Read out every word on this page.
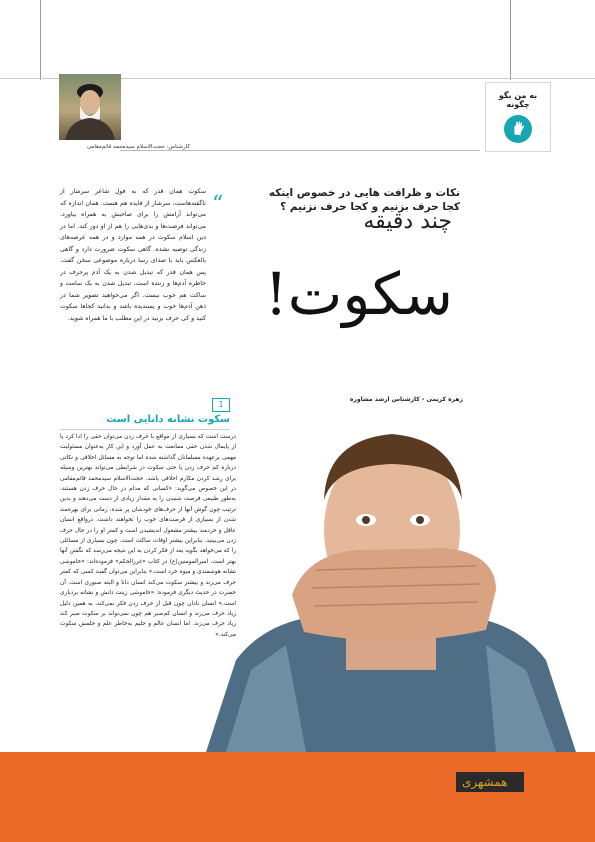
به من بگو چگونه
کارشناس: حجت‌الاسلام سیدمحمد قائم‌مقامی
نکات و ظرافت هایی در خصوص اینکه کجا حرف بزنیم و کجا حرف نزنیم ؟
چند دقیقه
سکوت!
زهره کریمی - کارشناس ارشد مشاوره
“
سکوت همان قدر که به قول شاعر سرشار از ناگفته‌هاست، سرشار از فایده هم هست. همان اندازه که می‌تواند آرامش را برای صاحبش به همراه بیاورد، می‌تواند فرصت‌ها و بدی‌هایی را هم از او دور کند. اما در دین اسلام سکوت در همه موارد و در همه عرصه‌های زندگی توصیه نشده. گاهی سکوت ضرورت دارد و گاهی بالعکس باید با صدای رسا درباره موضوعی سخن گفت. پس همان قدر که تبدیل شدن به یک آدم پرحرف در خاطره آدم‌ها و زننده است، تبدیل شدن به یک سامت و ساکت هم خوب نیست. اگر می‌خواهید تصویر شما در ذهن آدم‌ها خوب و پسندیده باشد و بدانید کجاها سکوت کنید و کی حرف بزنید در این مطلب با ما همراه شوید.
1
سکوت نشانه دانایی است
درست است که بسیاری از مواقع با حرف زدن می‌توان حقی را ادا کرد یا از پایمال شدن حقی ممانعت به عمل آورد و این کار به‌عنوان مسئولیت مهمی برعهده مسلمانان گذاشته شده اما توجه به مسائل اخلاقی و نکاتی درباره کم حرف زدن یا حتی سکوت در شرایطی می‌تواند بهترین وسیله برای رشد کردن مکارم اخلاقی باشد. حجت‌الاسلام سیدمحمد قائم‌مقامی در این خصوص می‌گوید: «کسانی که مدام در حال حرف زدن هستند، به‌طور طبیعی فرصت شنیدن را به مقدار زیادی از دست می‌دهند و بدین ترتیب چون گوش آنها از حرف‌های خودشان پر شده، زمانی برای بهره‌مند شدن از بسیاری از فرصت‌های خوب را نخواهند داشت. درواقع انسان عاقل و خردمند بیشتر مشغول اندیشیدن است و کمتر او را در حال حرف زدن می‌بینید. بنابراین بیشتر اوقات ساکت است. چون بسیاری از مسائلی را که می‌خواهد بگوید بعد از فکر کردن به این نتیجه می‌رسد که نگفتن آنها بهتر است. امیرالمومنین(ع) در کتاب «غررالحکم» فرموده‌اند: «خاموشی نشانه هوشمندی و میوه خرد است.» بنابراین می‌توان گفت کسی که کمتر حرف می‌زند و بیشتر سکوت می‌کند انسان دانا و البته صبوری است. آن حضرت در حدیث دیگری فرموده: «خاموشی زینت دانش و نشانه بردباری است.» انسان نادان چون قبل از حرف زدن فکر نمی‌کند، به همین دلیل زیاد حرف می‌زند و انسان کم‌صبر هم چون نمی‌تواند بر سکوت صبر کند زیاد حرف می‌زند. اما انسان عالم و حلیم به‌خاطر علم و حلمش سکوت می‌کند.»
همشهری
